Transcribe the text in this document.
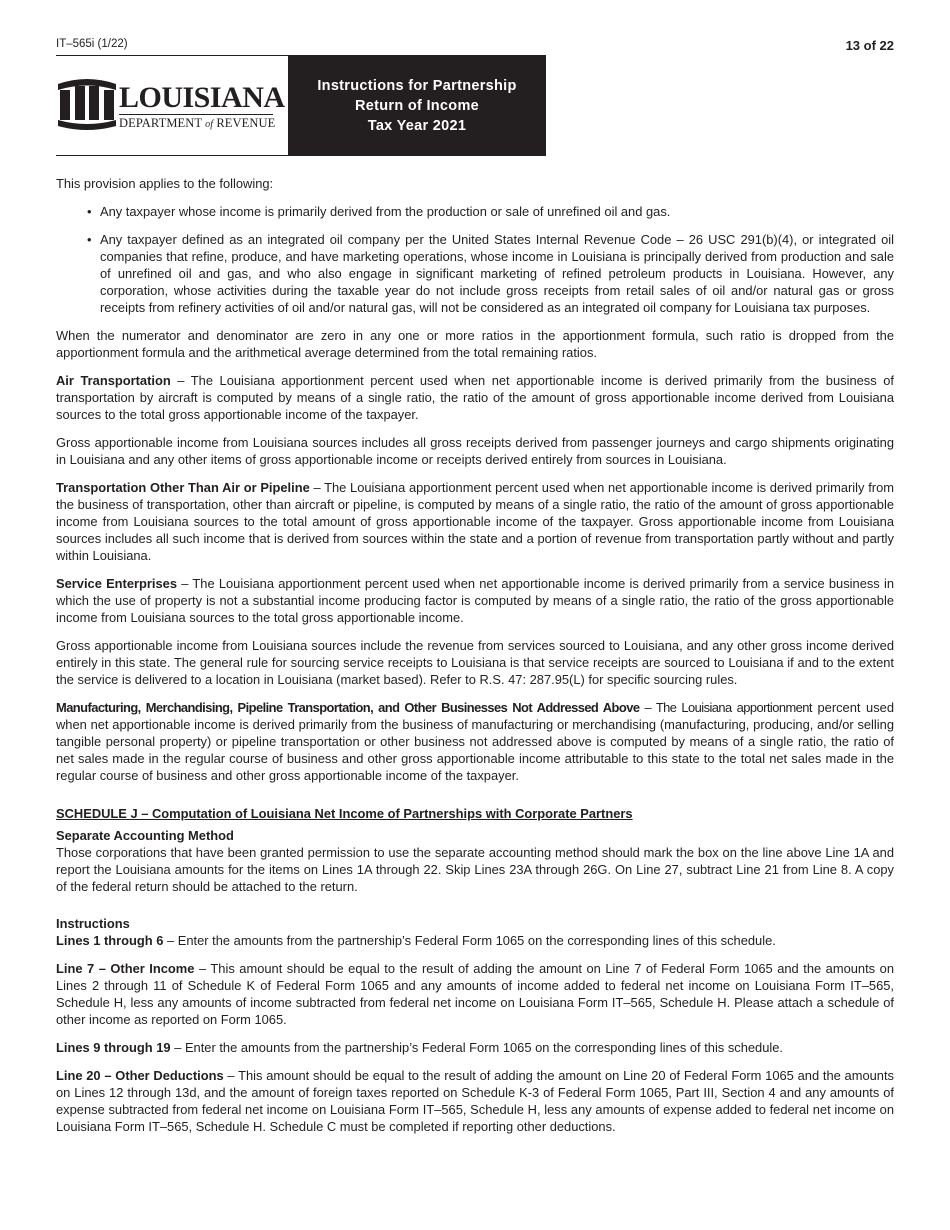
IT–565i (1/22)	13 of 22
LOUISIANA
DEPARTMENT of REVENUE
Instructions for Partnership
Return of Income
Tax Year 2021

This provision applies to the following:

• Any taxpayer whose income is primarily derived from the production or sale of unrefined oil and gas.
• Any taxpayer defined as an integrated oil company per the United States Internal Revenue Code – 26 USC 291(b)(4), or integrated oil companies that refine, produce, and have marketing operations, whose income in Louisiana is principally derived from production and sale of unrefined oil and gas, and who also engage in significant marketing of refined petroleum products in Louisiana. However, any corporation, whose activities during the taxable year do not include gross receipts from retail sales of oil and/or natural gas or gross receipts from refinery activities of oil and/or natural gas, will not be considered as an integrated oil company for Louisiana tax purposes.

When the numerator and denominator are zero in any one or more ratios in the apportionment formula, such ratio is dropped from the apportionment formula and the arithmetical average determined from the total remaining ratios.

Air Transportation – The Louisiana apportionment percent used when net apportionable income is derived primarily from the business of transportation by aircraft is computed by means of a single ratio, the ratio of the amount of gross apportionable income derived from Louisiana sources to the total gross apportionable income of the taxpayer.

Gross apportionable income from Louisiana sources includes all gross receipts derived from passenger journeys and cargo shipments originating in Louisiana and any other items of gross apportionable income or receipts derived entirely from sources in Louisiana.

Transportation Other Than Air or Pipeline – The Louisiana apportionment percent used when net apportionable income is derived primarily from the business of transportation, other than aircraft or pipeline, is computed by means of a single ratio, the ratio of the amount of gross apportionable income from Louisiana sources to the total amount of gross apportionable income of the taxpayer. Gross apportionable income from Louisiana sources includes all such income that is derived from sources within the state and a portion of revenue from transportation partly without and partly within Louisiana.

Service Enterprises – The Louisiana apportionment percent used when net apportionable income is derived primarily from a service business in which the use of property is not a substantial income producing factor is computed by means of a single ratio, the ratio of the gross apportionable income from Louisiana sources to the total gross apportionable income.

Gross apportionable income from Louisiana sources include the revenue from services sourced to Louisiana, and any other gross income derived entirely in this state. The general rule for sourcing service receipts to Louisiana is that service receipts are sourced to Louisiana if and to the extent the service is delivered to a location in Louisiana (market based). Refer to R.S. 47: 287.95(L) for specific sourcing rules.

Manufacturing, Merchandising, Pipeline Transportation, and Other Businesses Not Addressed Above – The Louisiana apportionment percent used when net apportionable income is derived primarily from the business of manufacturing or merchandising (manufacturing, producing, and/or selling tangible personal property) or pipeline transportation or other business not addressed above is computed by means of a single ratio, the ratio of net sales made in the regular course of business and other gross apportionable income attributable to this state to the total net sales made in the regular course of business and other gross apportionable income of the taxpayer.

SCHEDULE J – Computation of Louisiana Net Income of Partnerships with Corporate Partners

Separate Accounting Method

Those corporations that have been granted permission to use the separate accounting method should mark the box on the line above Line 1A and report the Louisiana amounts for the items on Lines 1A through 22. Skip Lines 23A through 26G. On Line 27, subtract Line 21 from Line 8. A copy of the federal return should be attached to the return.

Instructions

Lines 1 through 6 – Enter the amounts from the partnership’s Federal Form 1065 on the corresponding lines of this schedule.

Line 7 – Other Income – This amount should be equal to the result of adding the amount on Line 7 of Federal Form 1065 and the amounts on Lines 2 through 11 of Schedule K of Federal Form 1065 and any amounts of income added to federal net income on Louisiana Form IT–565, Schedule H, less any amounts of income subtracted from federal net income on Louisiana Form IT–565, Schedule H. Please attach a schedule of other income as reported on Form 1065.

Lines 9 through 19 – Enter the amounts from the partnership’s Federal Form 1065 on the corresponding lines of this schedule.

Line 20 – Other Deductions – This amount should be equal to the result of adding the amount on Line 20 of Federal Form 1065 and the amounts on Lines 12 through 13d, and the amount of foreign taxes reported on Schedule K-3 of Federal Form 1065, Part III, Section 4 and any amounts of expense subtracted from federal net income on Louisiana Form IT–565, Schedule H, less any amounts of expense added to federal net income on Louisiana Form IT–565, Schedule H. Schedule C must be completed if reporting other deductions.
